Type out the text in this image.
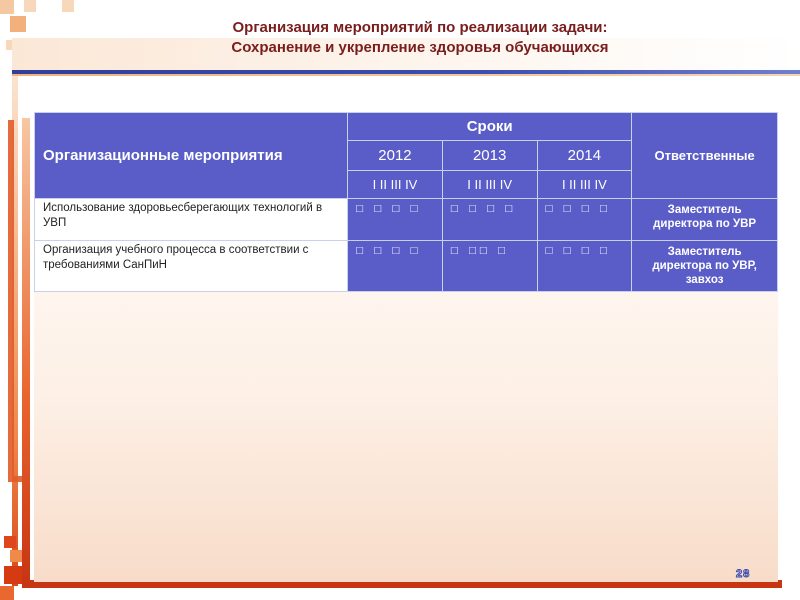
Организация мероприятий по реализации задачи:
Сохранение и укрепление здоровья обучающихся
Организационные мероприятия	Сроки			Ответственные
	2012	2013	2014	
	I II III IV	I II III IV	I II III IV	
Использование здоровьесберегающих технологий в УВП	□ □ □ □	□ □ □ □	□ □ □ □	Заместитель директора по УВР
Организация учебного процесса в соответствии с требованиями СанПиН	□ □ □ □	□ □□ □	□ □ □ □	Заместитель директора по УВР, завхоз
28
